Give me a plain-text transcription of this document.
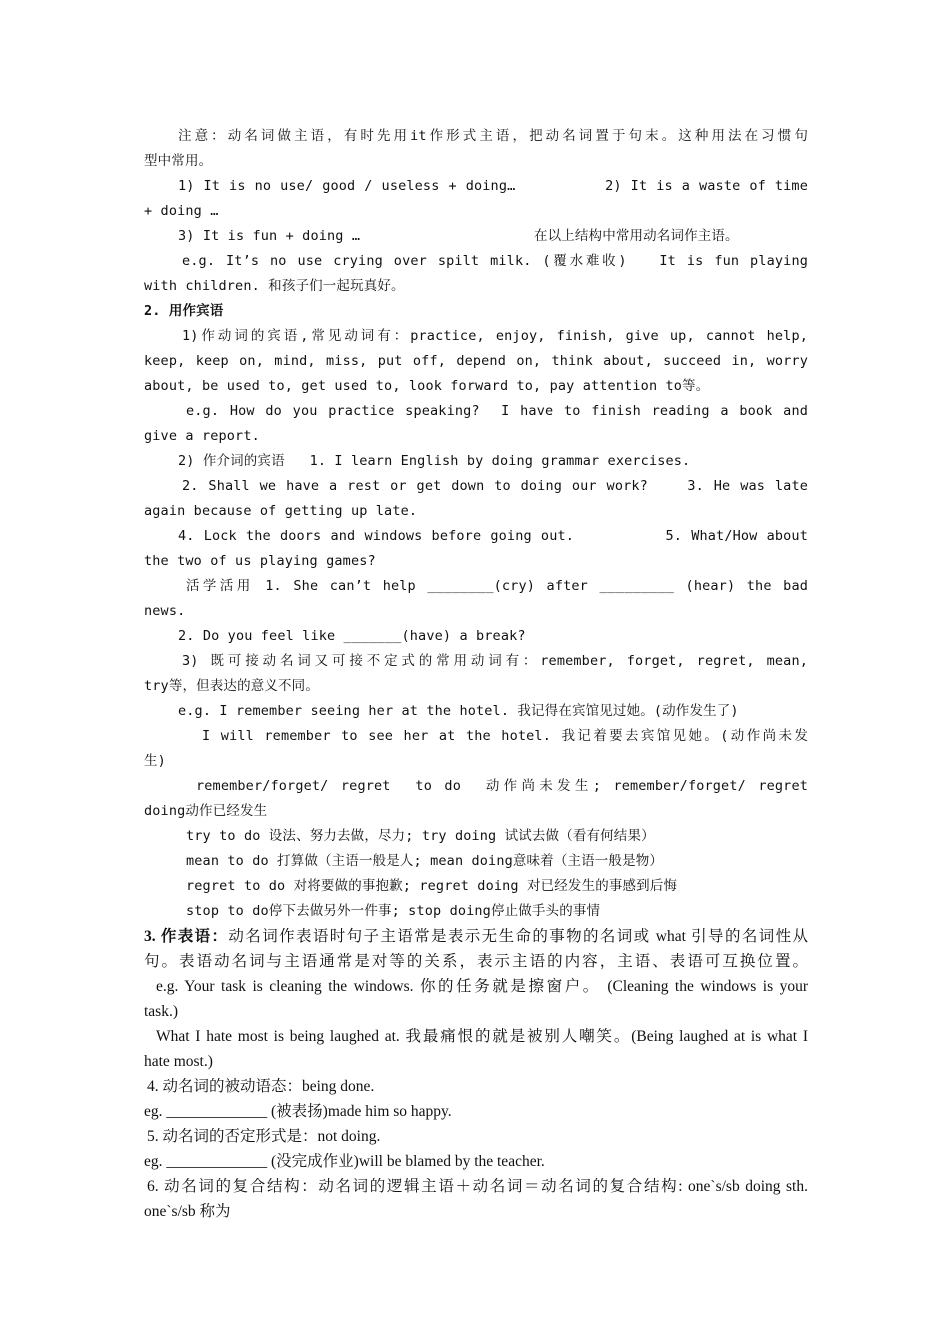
注意：动名词做主语，有时先用it作形式主语，把动名词置于句末。这种用法在习惯句
型中常用。
1) It is no use/ good / useless + doing…          2) It is a waste of time
+ doing …
3) It is fun + doing …                     在以上结构中常用动名词作主语。
e.g. It’s no use crying over spilt milk. (覆水难收)   It is fun playing
with children. 和孩子们一起玩真好。
2. 用作宾语
1)作动词的宾语,常见动词有：practice, enjoy, finish, give up, cannot help,
keep, keep on, mind, miss, put off, depend on, think about, succeed in, worry
about, be used to, get used to, look forward to, pay attention to等。
e.g. How do you practice speaking?  I have to finish reading a book and
give a report.
2) 作介词的宾语   1. I learn English by doing grammar exercises.
2. Shall we have a rest or get down to doing our work?    3. He was late
again because of getting up late.
4. Lock the doors and windows before going out.          5. What/How about
the two of us playing games?
活学活用 1. She can’t help ________(cry) after _________ (hear) the bad
news.
2. Do you feel like _______(have) a break?
3) 既可接动名词又可接不定式的常用动词有：remember, forget, regret, mean,
try等，但表达的意义不同。
e.g. I remember seeing her at the hotel. 我记得在宾馆见过她。(动作发生了)
I will remember to see her at the hotel. 我记着要去宾馆见她。(动作尚未发
生)
remember/forget/ regret  to do  动作尚未发生; remember/forget/ regret
doing动作已经发生
try to do 设法、努力去做，尽力; try doing 试试去做（看有何结果）
mean to do 打算做（主语一般是人; mean doing意味着（主语一般是物）
regret to do 对将要做的事抱歉; regret doing 对已经发生的事感到后悔
stop to do停下去做另外一件事; stop doing停止做手头的事情
3. 作表语：动名词作表语时句子主语常是表示无生命的事物的名词或 what 引导的名词性从
句。表语动名词与主语通常是对等的关系，表示主语的内容，主语、表语可互换位置。
e.g. Your task is cleaning the windows. 你的任务就是擦窗户。 (Cleaning the windows is your
task.)
What I hate most is being laughed at. 我最痛恨的就是被别人嘲笑。(Being laughed at is what I
hate most.)
4. 动名词的被动语态：being done.
eg. _____________ (被表扬)made him so happy.
5. 动名词的否定形式是：not doing.
eg. _____________ (没完成作业)will be blamed by the teacher.
6. 动名词的复合结构：动名词的逻辑主语＋动名词＝动名词的复合结构: one`s/sb doing sth.
one`s/sb 称为
